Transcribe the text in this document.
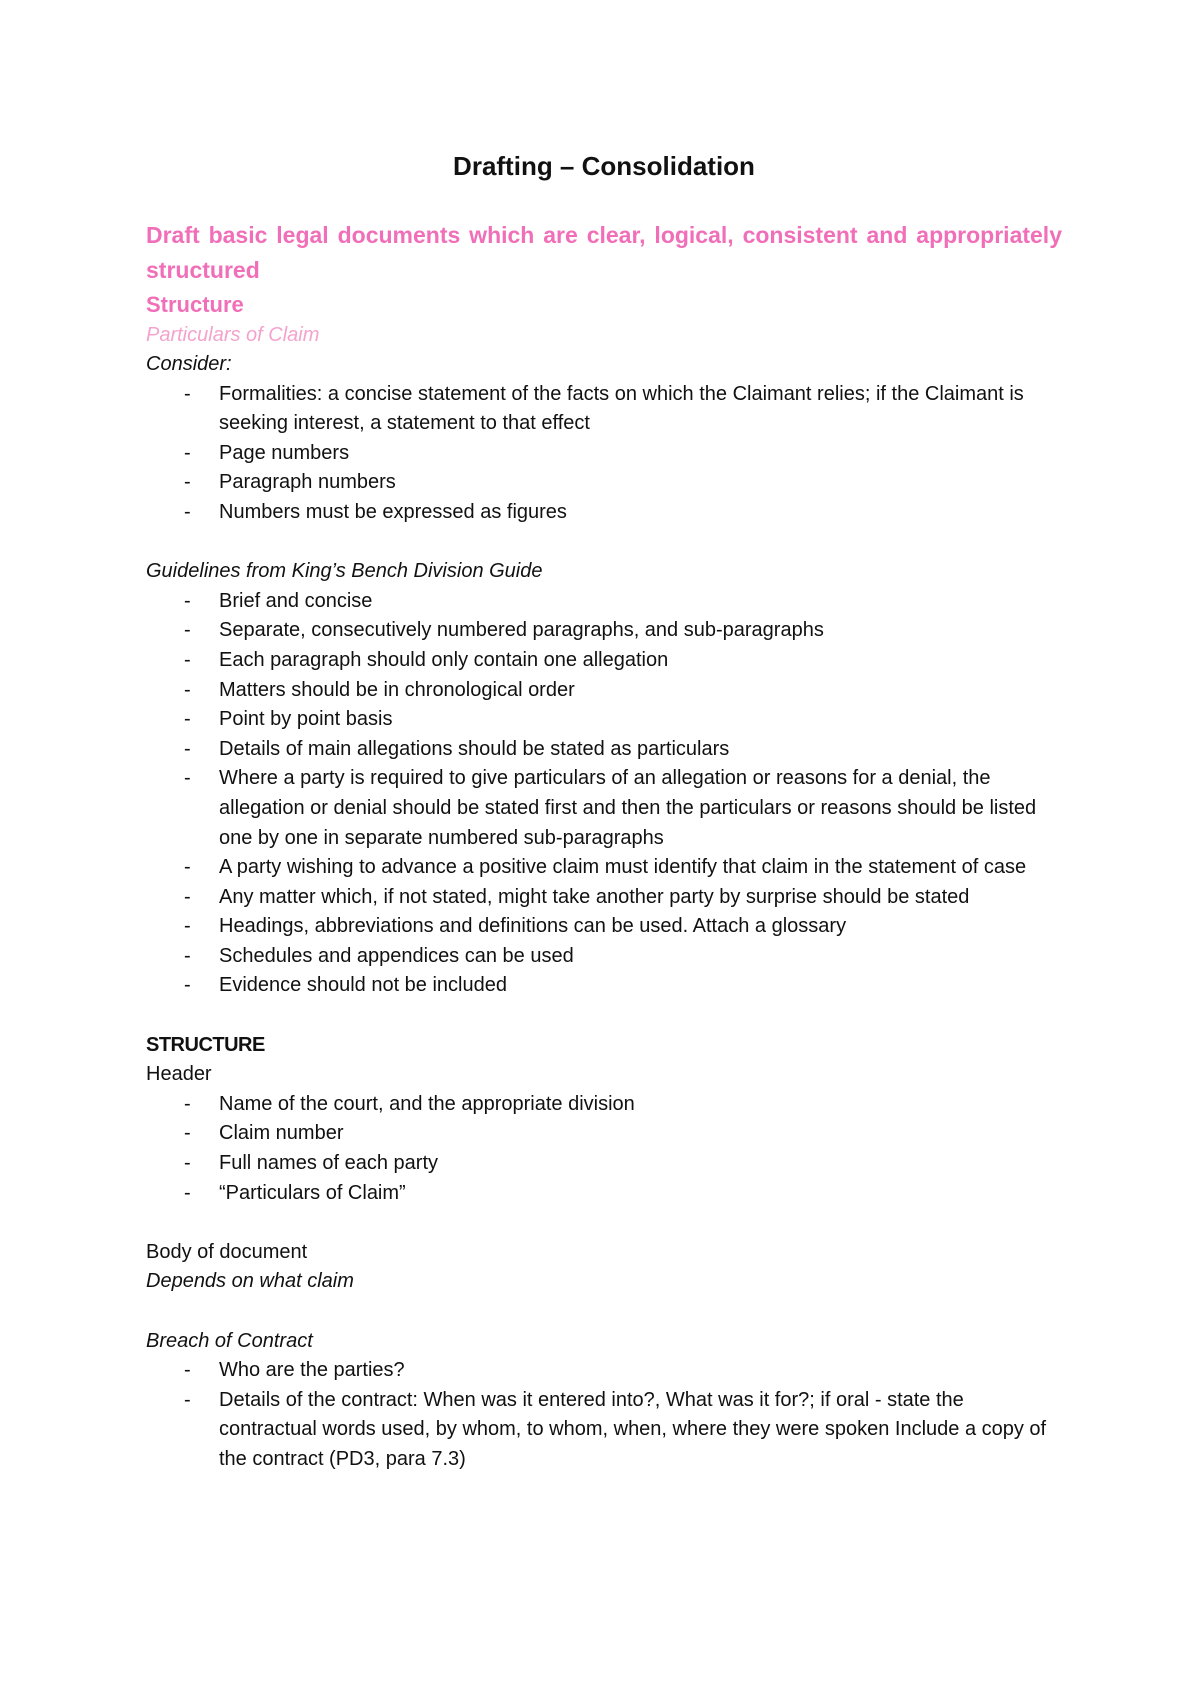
Drafting – Consolidation

Draft basic legal documents which are clear, logical, consistent and appropriately structured

Structure

Particulars of Claim

Consider:

- Formalities: a concise statement of the facts on which the Claimant relies; if the Claimant is seeking interest, a statement to that effect
- Page numbers
- Paragraph numbers
- Numbers must be expressed as figures

Guidelines from King’s Bench Division Guide

- Brief and concise
- Separate, consecutively numbered paragraphs, and sub-paragraphs
- Each paragraph should only contain one allegation
- Matters should be in chronological order
- Point by point basis
- Details of main allegations should be stated as particulars
- Where a party is required to give particulars of an allegation or reasons for a denial, the allegation or denial should be stated first and then the particulars or reasons should be listed one by one in separate numbered sub-paragraphs
- A party wishing to advance a positive claim must identify that claim in the statement of case
- Any matter which, if not stated, might take another party by surprise should be stated
- Headings, abbreviations and definitions can be used. Attach a glossary
- Schedules and appendices can be used
- Evidence should not be included

STRUCTURE

Header

- Name of the court, and the appropriate division
- Claim number
- Full names of each party
- “Particulars of Claim”

Body of document

Depends on what claim

Breach of Contract

- Who are the parties?
- Details of the contract: When was it entered into?, What was it for?; if oral - state the contractual words used, by whom, to whom, when, where they were spoken Include a copy of the contract (PD3, para 7.3)
